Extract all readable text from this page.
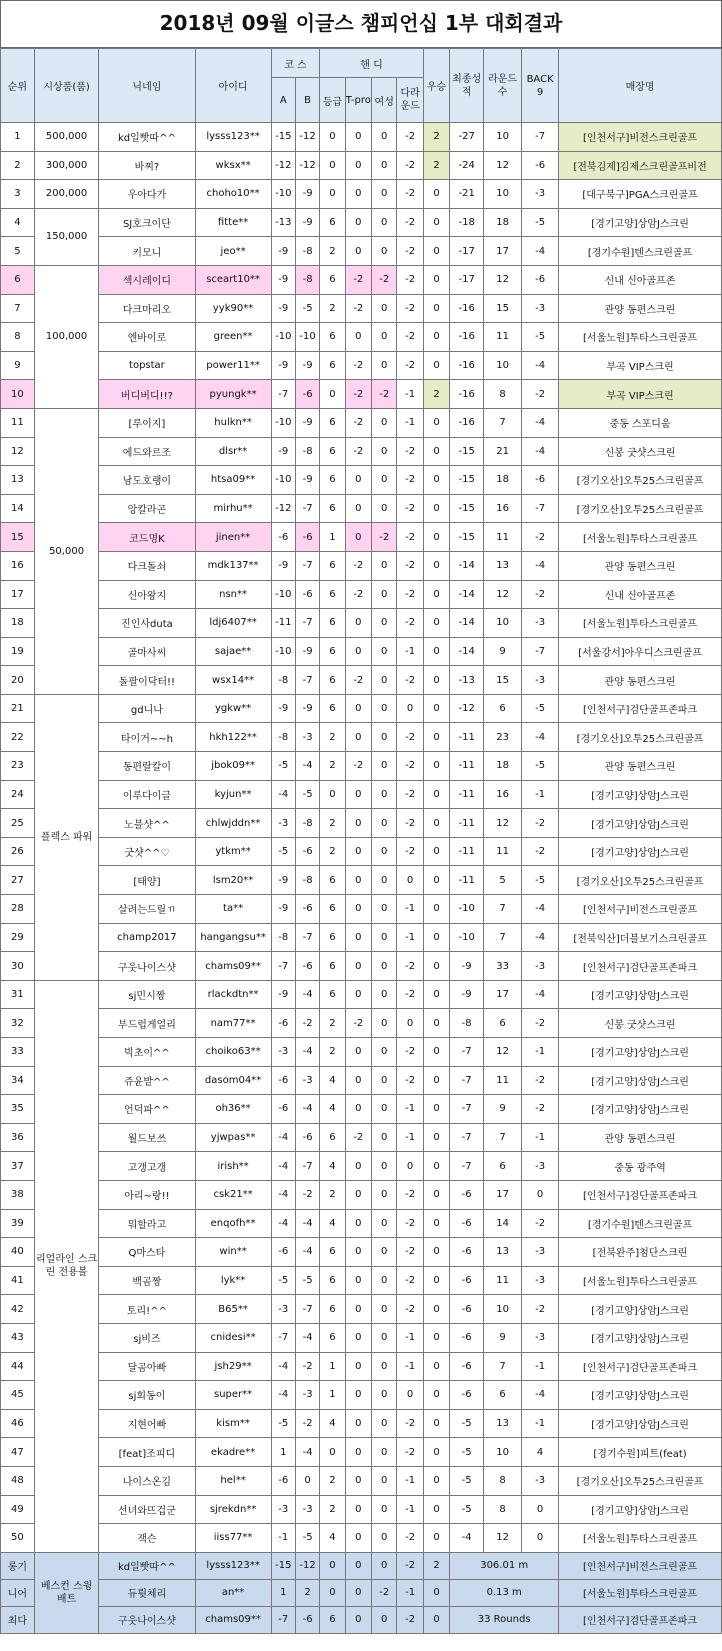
2018년 09월 이글스 챔피언십 1부 대회결과
순위	시상품(품)	닉네임	아이디	코 스		핸 디				우승	최종성적	라운드수	BACK 9	매장명
				A	B	등급	T-pro	여성	다라운드					
1	500,000	kd일빳따^^	lysss123**	-15	-12	0	0	0	-2	2	-27	10	-7	[인천서구]비전스크린골프
2	300,000	바찌?	wksx**	-12	-12	0	0	0	-2	2	-24	12	-6	[전북김제]김제스크린골프비전
3	200,000	우아다가	choho10**	-10	-9	0	0	0	-2	0	-21	10	-3	[대구북구]PGA스크린골프
4	150,000	SJ호크이단	fitte**	-13	-9	6	0	0	-2	0	-18	18	-5	[경기고양]상암J스크린
5		키모니	jeo**	-9	-8	2	0	0	-2	0	-17	17	-4	[경기수원]텐스크린골프
6	100,000	섹시레이디	sceart10**	-9	-8	6	-2	-2	-2	0	-17	12	-6	신내 신아골프존
7		다크마리오	yyk90**	-9	-5	2	-2	0	-2	0	-16	15	-3	관양 동편스크린
8		엔바이로	green**	-10	-10	6	0	0	-2	0	-16	11	-5	[서울노원]투타스크린골프
9		topstar	power11**	-9	-9	6	-2	0	-2	0	-16	10	-4	부곡 VIP스크린
10		버디버디!!?	pyungk**	-7	-6	0	-2	-2	-1	2	-16	8	-2	부곡 VIP스크린
11	50,000	[루이지]	hulkn**	-10	-9	6	-2	0	-1	0	-16	7	-4	중동 스포디움
12		에드와르조	dlsr**	-9	-8	6	-2	0	-2	0	-15	21	-4	신봉 굿샷스크린
13		남도호랭이	htsa09**	-10	-9	6	0	0	-2	0	-15	18	-6	[경기오산]오투25스크린골프
14		앙칼라곤	mirhu**	-12	-7	6	0	0	-2	0	-15	16	-7	[경기오산]오투25스크린골프
15		코드명K	jinen**	-6	-6	1	0	-2	-2	0	-15	11	-2	[서울노원]투타스크린골프
16		다크돌쇠	mdk137**	-9	-7	6	-2	0	-2	0	-14	13	-4	관양 동편스크린
17		신아왕지	nsn**	-10	-6	6	-2	0	-2	0	-14	12	-2	신내 신아골프존
18		진인사duta	ldj6407**	-11	-7	6	0	0	-2	0	-14	10	-3	[서울노원]투타스크린골프
19		골마사씨	sajae**	-10	-9	6	0	0	-1	0	-14	9	-7	[서울강서]아우디스크린골프
20		돌팔이닥터!!	wsx14**	-8	-7	6	-2	0	-2	0	-13	15	-3	관양 동편스크린
21	플렉스 파워	gd니나	ygkw**	-9	-9	6	0	0	0	0	-12	6	-5	[인천서구]검단골프존파크
22		타이거~~h	hkh122**	-8	-3	2	0	0	-2	0	-11	23	-4	[경기오산]오투25스크린골프
23		동편랄칼이	jbok09**	-5	-4	2	-2	0	-2	0	-11	18	-5	관양 동편스크린
24		이루다이글	kyjun**	-4	-5	0	0	0	-2	0	-11	16	-1	[경기고양]상암J스크린
25		노블샷^^	chlwjddn**	-3	-8	2	0	0	-2	0	-11	12	-2	[경기고양]상암J스크린
26		굿샷^^♡	ytkm**	-5	-6	2	0	0	-2	0	-11	11	-2	[경기고양]상암J스크린
27		[태양]	lsm20**	-9	-8	6	0	0	0	0	-11	5	-5	[경기오산]오투25스크린골프
28		살려는드릴ㄲ	ta**	-9	-6	6	0	0	-1	0	-10	7	-4	[인천서구]비전스크린골프
29		champ2017	hangangsu**	-8	-7	6	0	0	-1	0	-10	7	-4	[전북익산]더블보기스크린골프
30		구웃나이스샷	chams09**	-7	-6	6	0	0	-2	0	-9	33	-3	[인천서구]검단골프존파크
31	리얼라인 스크린 전용볼	sj민시짱	rlackdtn**	-9	-4	6	0	0	-2	0	-9	17	-4	[경기고양]상암J스크린
32		부드럽게얼리	nam77**	-6	-2	2	-2	0	0	0	-8	6	-2	신봉 굿샷스크린
33		빅초이^^	choiko63**	-3	-4	2	0	0	-2	0	-7	12	-1	[경기고양]상암J스크린
34		쥬윤밭^^	dasom04**	-6	-3	4	0	0	-2	0	-7	11	-2	[경기고양]상암J스크린
35		언덕파^^	oh36**	-6	-4	4	0	0	-1	0	-7	9	-2	[경기고양]상암J스크린
36		월드보쓰	yjwpas**	-4	-6	6	-2	0	-1	0	-7	7	-1	관양 동편스크린
37		고갱고갱	irish**	-4	-7	4	0	0	0	0	-7	6	-3	중동 광주역
38		아리~랑!!	csk21**	-4	-2	2	0	0	-2	0	-6	17	0	[인천서구]검단골프존파크
39		뭐할라고	enqofh**	-4	-4	4	0	0	-2	0	-6	14	-2	[경기수원]텐스크린골프
40		Q마스타	win**	-6	-4	6	0	0	-2	0	-6	13	-3	[전북완주]첨단스크린
41		백곰짱	lyk**	-5	-5	6	0	0	-2	0	-6	11	-3	[서울노원]투타스크린골프
42		토리!^^	B65**	-3	-7	6	0	0	-2	0	-6	10	-2	[경기고양]상암J스크린
43		sj비즈	cnidesi**	-7	-4	6	0	0	-1	0	-6	9	-3	[경기고양]상암J스크린
44		달곰아빠	jsh29**	-4	-2	1	0	0	-1	0	-6	7	-1	[인천서구]검단골프존파크
45		sj회동이	super**	-4	-3	1	0	0	0	0	-6	6	-4	[경기고양]상암J스크린
46		지현어빠	kism**	-5	-2	4	0	0	-2	0	-5	13	-1	[경기고양]상암J스크린
47		[feat]조피디	ekadre**	1	-4	0	0	0	-2	0	-5	10	4	[경기수원]피트(feat)
48		나이스온김	hel**	-6	0	2	0	0	-1	0	-5	8	-3	[경기오산]오투25스크린골프
49		선녀와뜨겁군	sjrekdn**	-3	-3	2	0	0	-1	0	-5	8	0	[경기고양]상암J스크린
50		잭슨	iiss77**	-1	-5	4	0	0	-2	0	-4	12	0	[서울노원]투타스크린골프
롱기	베스컨 스윙 배트	kd일빳따^^	lysss123**	-15	-12	0	0	0	-2	2	306.01 m			[인천서구]비전스크린골프
니어		듀륏체리	an**	1	2	0	0	-2	-1	0	0.13 m			[서울노원]투타스크린골프
최다		구웃나이스샷	chams09**	-7	-6	6	0	0	-2	0	33 Rounds			[인천서구]검단골프존파크
